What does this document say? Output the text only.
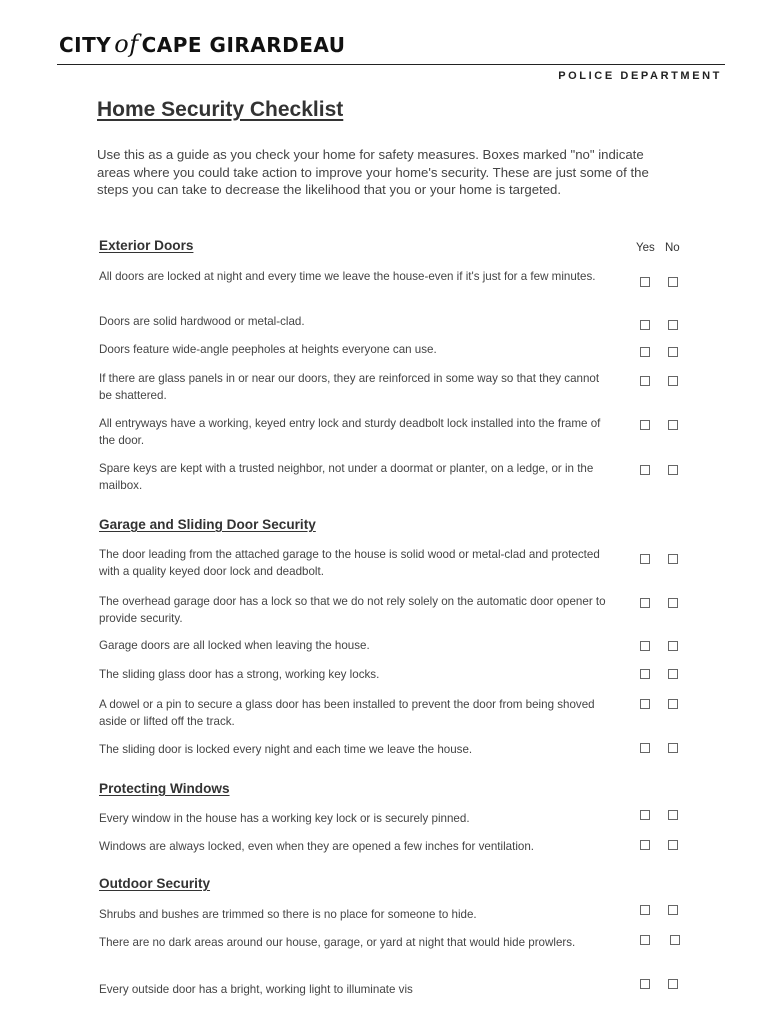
CITY of CAPE GIRARDEAU
POLICE DEPARTMENT
Home Security Checklist

Use this as a guide as you check your home for safety measures. Boxes marked "no" indicate areas where you could take action to improve your home's security. These are just some of the steps you can take to decrease the likelihood that you or your home is targeted.

Exterior Doors
Garage and Sliding Door Security
Protecting Windows
Outdoor Security
Yes No

All doors are locked at night and every time we leave the house-even if it's just for a few minutes.

Doors are solid hardwood or metal-clad.

Doors feature wide-angle peepholes at heights everyone can use.

If there are glass panels in or near our doors, they are reinforced in some way so that they cannot be shattered.

All entryways have a working, keyed entry lock and sturdy deadbolt lock installed into the frame of the door.

Spare keys are kept with a trusted neighbor, not under a doormat or planter, on a ledge, or in the mailbox.

The door leading from the attached garage to the house is solid wood or metal-clad and protected with a quality keyed door lock and deadbolt.

The overhead garage door has a lock so that we do not rely solely on the automatic door opener to provide security.

Garage doors are all locked when leaving the house.

The sliding glass door has a strong, working key locks.

A dowel or a pin to secure a glass door has been installed to prevent the door from being shoved aside or lifted off the track.

The sliding door is locked every night and each time we leave the house.

Every window in the house has a working key lock or is securely pinned.

Windows are always locked, even when they are opened a few inches for ventilation.

Shrubs and bushes are trimmed so there is no place for someone to hide.

There are no dark areas around our house, garage, or yard at night that would hide prowlers.

Every outside door has a bright, working light to illuminate vis
